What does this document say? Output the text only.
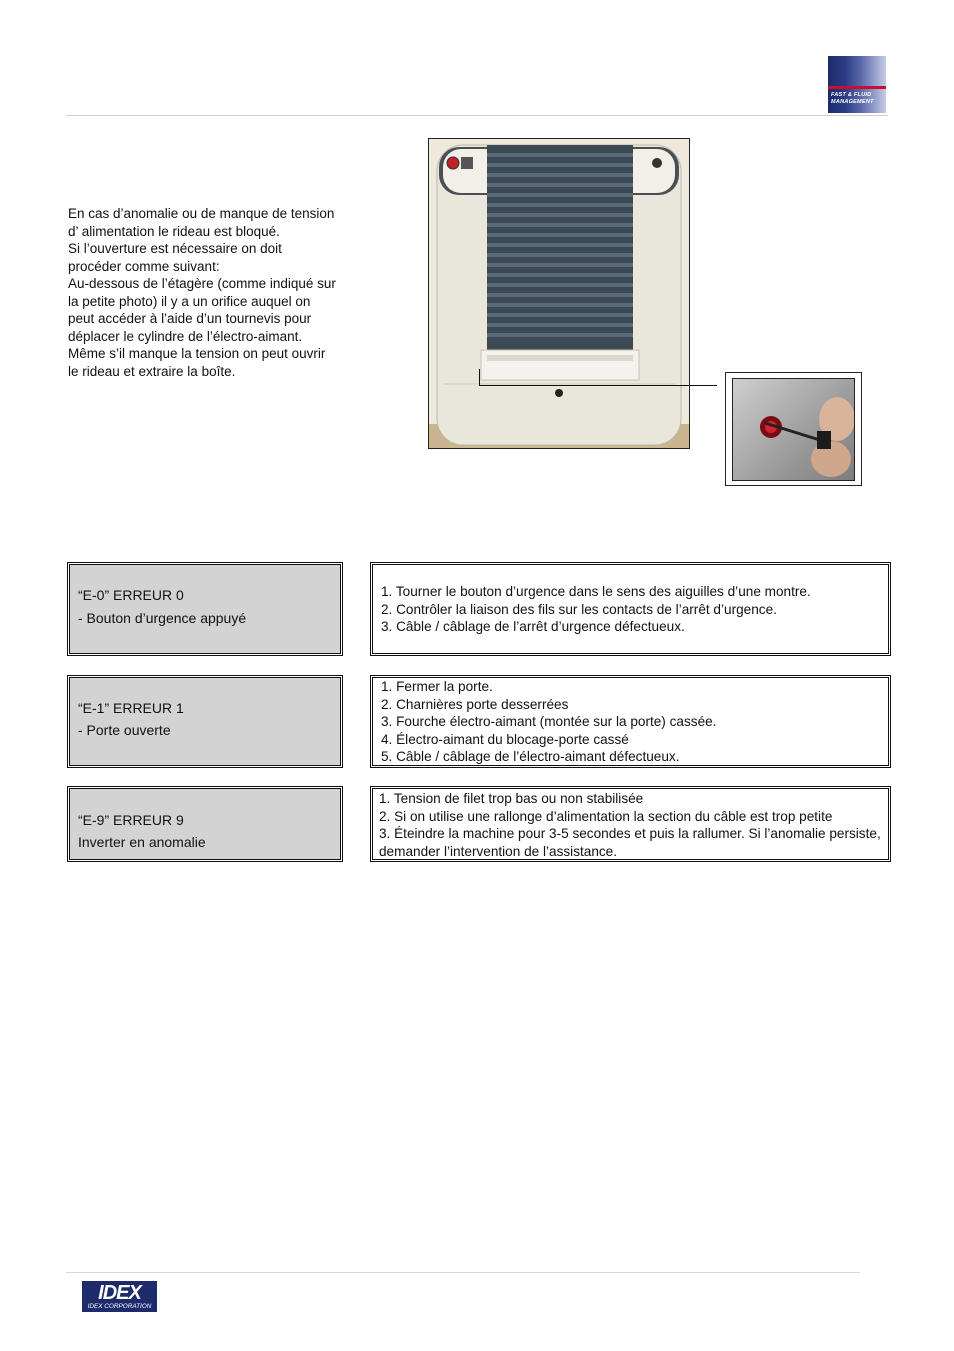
FAST & FLUID MANAGEMENT

En cas d’anomalie ou de manque de tension d’ alimentation le rideau est bloqué.

Si l’ouverture est nécessaire on doit procéder comme suivant:

Au-dessous de l’étagère (comme indiqué sur la petite photo) il y a un orifice auquel on peut accéder à l’aide d’un tournevis pour déplacer le cylindre de l’électro-aimant.

Même s’il manque la tension on peut ouvrir le rideau et extraire la boîte.

“E-0” ERREUR 0
- Bouton d’urgence appuyé
1. Tourner le bouton d’urgence dans le sens des aiguilles d’une montre.
2. Contrôler la liaison des fils sur les contacts de l’arrêt d’urgence.
3. Câble / câblage de l’arrêt d’urgence défectueux.
“E-1” ERREUR 1
- Porte ouverte
1. Fermer la porte.
2. Charnières porte desserrées
3. Fourche électro-aimant (montée sur la porte) cassée.
4. Électro-aimant du blocage-porte cassé
5. Câble / câblage de l’électro-aimant défectueux.
“E-9” ERREUR 9
Inverter en anomalie
1. Tension de filet trop bas ou non stabilisée
2. Si on utilise une rallonge d’alimentation la section du câble est trop petite
3. Éteindre la machine pour 3-5 secondes et puis la rallumer. Si l’anomalie persiste, demander l’intervention de l’assistance.
IDEX
IDEX CORPORATION
